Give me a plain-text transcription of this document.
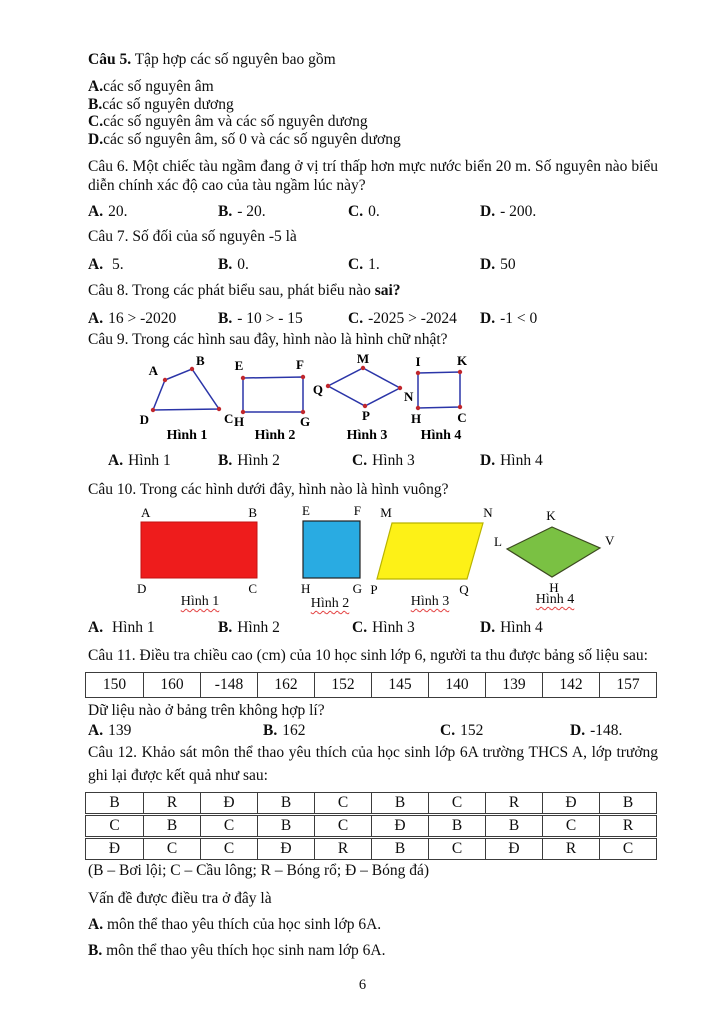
Câu 5. Tập hợp các số nguyên bao gồm
A.các số nguyên âm
B.các số nguyên dương
C.các số nguyên âm và các số nguyên dương
D.các số nguyên âm, số 0 và các số nguyên dương
Câu 6. Một chiếc tàu ngầm đang ở vị trí thấp hơn mực nước biển 20 m. Số nguyên nào biểu diễn chính xác độ cao của tàu ngầm lúc này?
A. 20.	B. - 20.	C. 0.	D. - 200.
Câu 7. Số đối của số nguyên -5 là
A. 5.	B. 0.	C. 1.	D. 50
Câu 8. Trong các phát biểu sau, phát biểu nào sai?
A. 16 > -2020	B. - 10 > - 15	C. -2025 > -2024	D. -1 < 0
Câu 9. Trong các hình sau đây, hình nào là hình chữ nhật?
A
B
C
D
Hình 1
E	F
G
H
Hình 2
M
N
P
Q
Hình 3
I	K
C
H
Hình 4
A. Hình 1	B. Hình 2	C. Hình 3	D. Hình 4
Câu 10. Trong các hình dưới đây, hình nào là hình vuông?
A	B
C
D
E	F
G
H
M	N
Q
P
K
L	V
H
Hình 1	Hình 2	Hình 3	Hình 4
A. Hình 1	B. Hình 2	C. Hình 3	D. Hình 4
Câu 11. Điều tra chiều cao (cm) của 10 học sinh lớp 6, người ta thu được bảng số liệu sau:
150	160	-148	162	152	145	140	139	142	157
Dữ liệu nào ở bảng trên không hợp lí?
A. 139	B. 162	C. 152	D. -148.
Câu 12. Khảo sát môn thể thao yêu thích của học sinh lớp 6A trường THCS A, lớp trưởng ghi lại được kết quả như sau:
B	R	Đ	B	C	B	C	R	Đ	B
C	B	C	B	C	Đ	B	B	C	R
Đ	C	C	Đ	R	B	C	Đ	R	C
(B – Bơi lội; C – Cầu lông; R – Bóng rổ; Đ – Bóng đá)
Vấn đề được điều tra ở đây là
A. môn thể thao yêu thích của học sinh lớp 6A.
B. môn thể thao yêu thích học sinh nam lớp 6A.
6
